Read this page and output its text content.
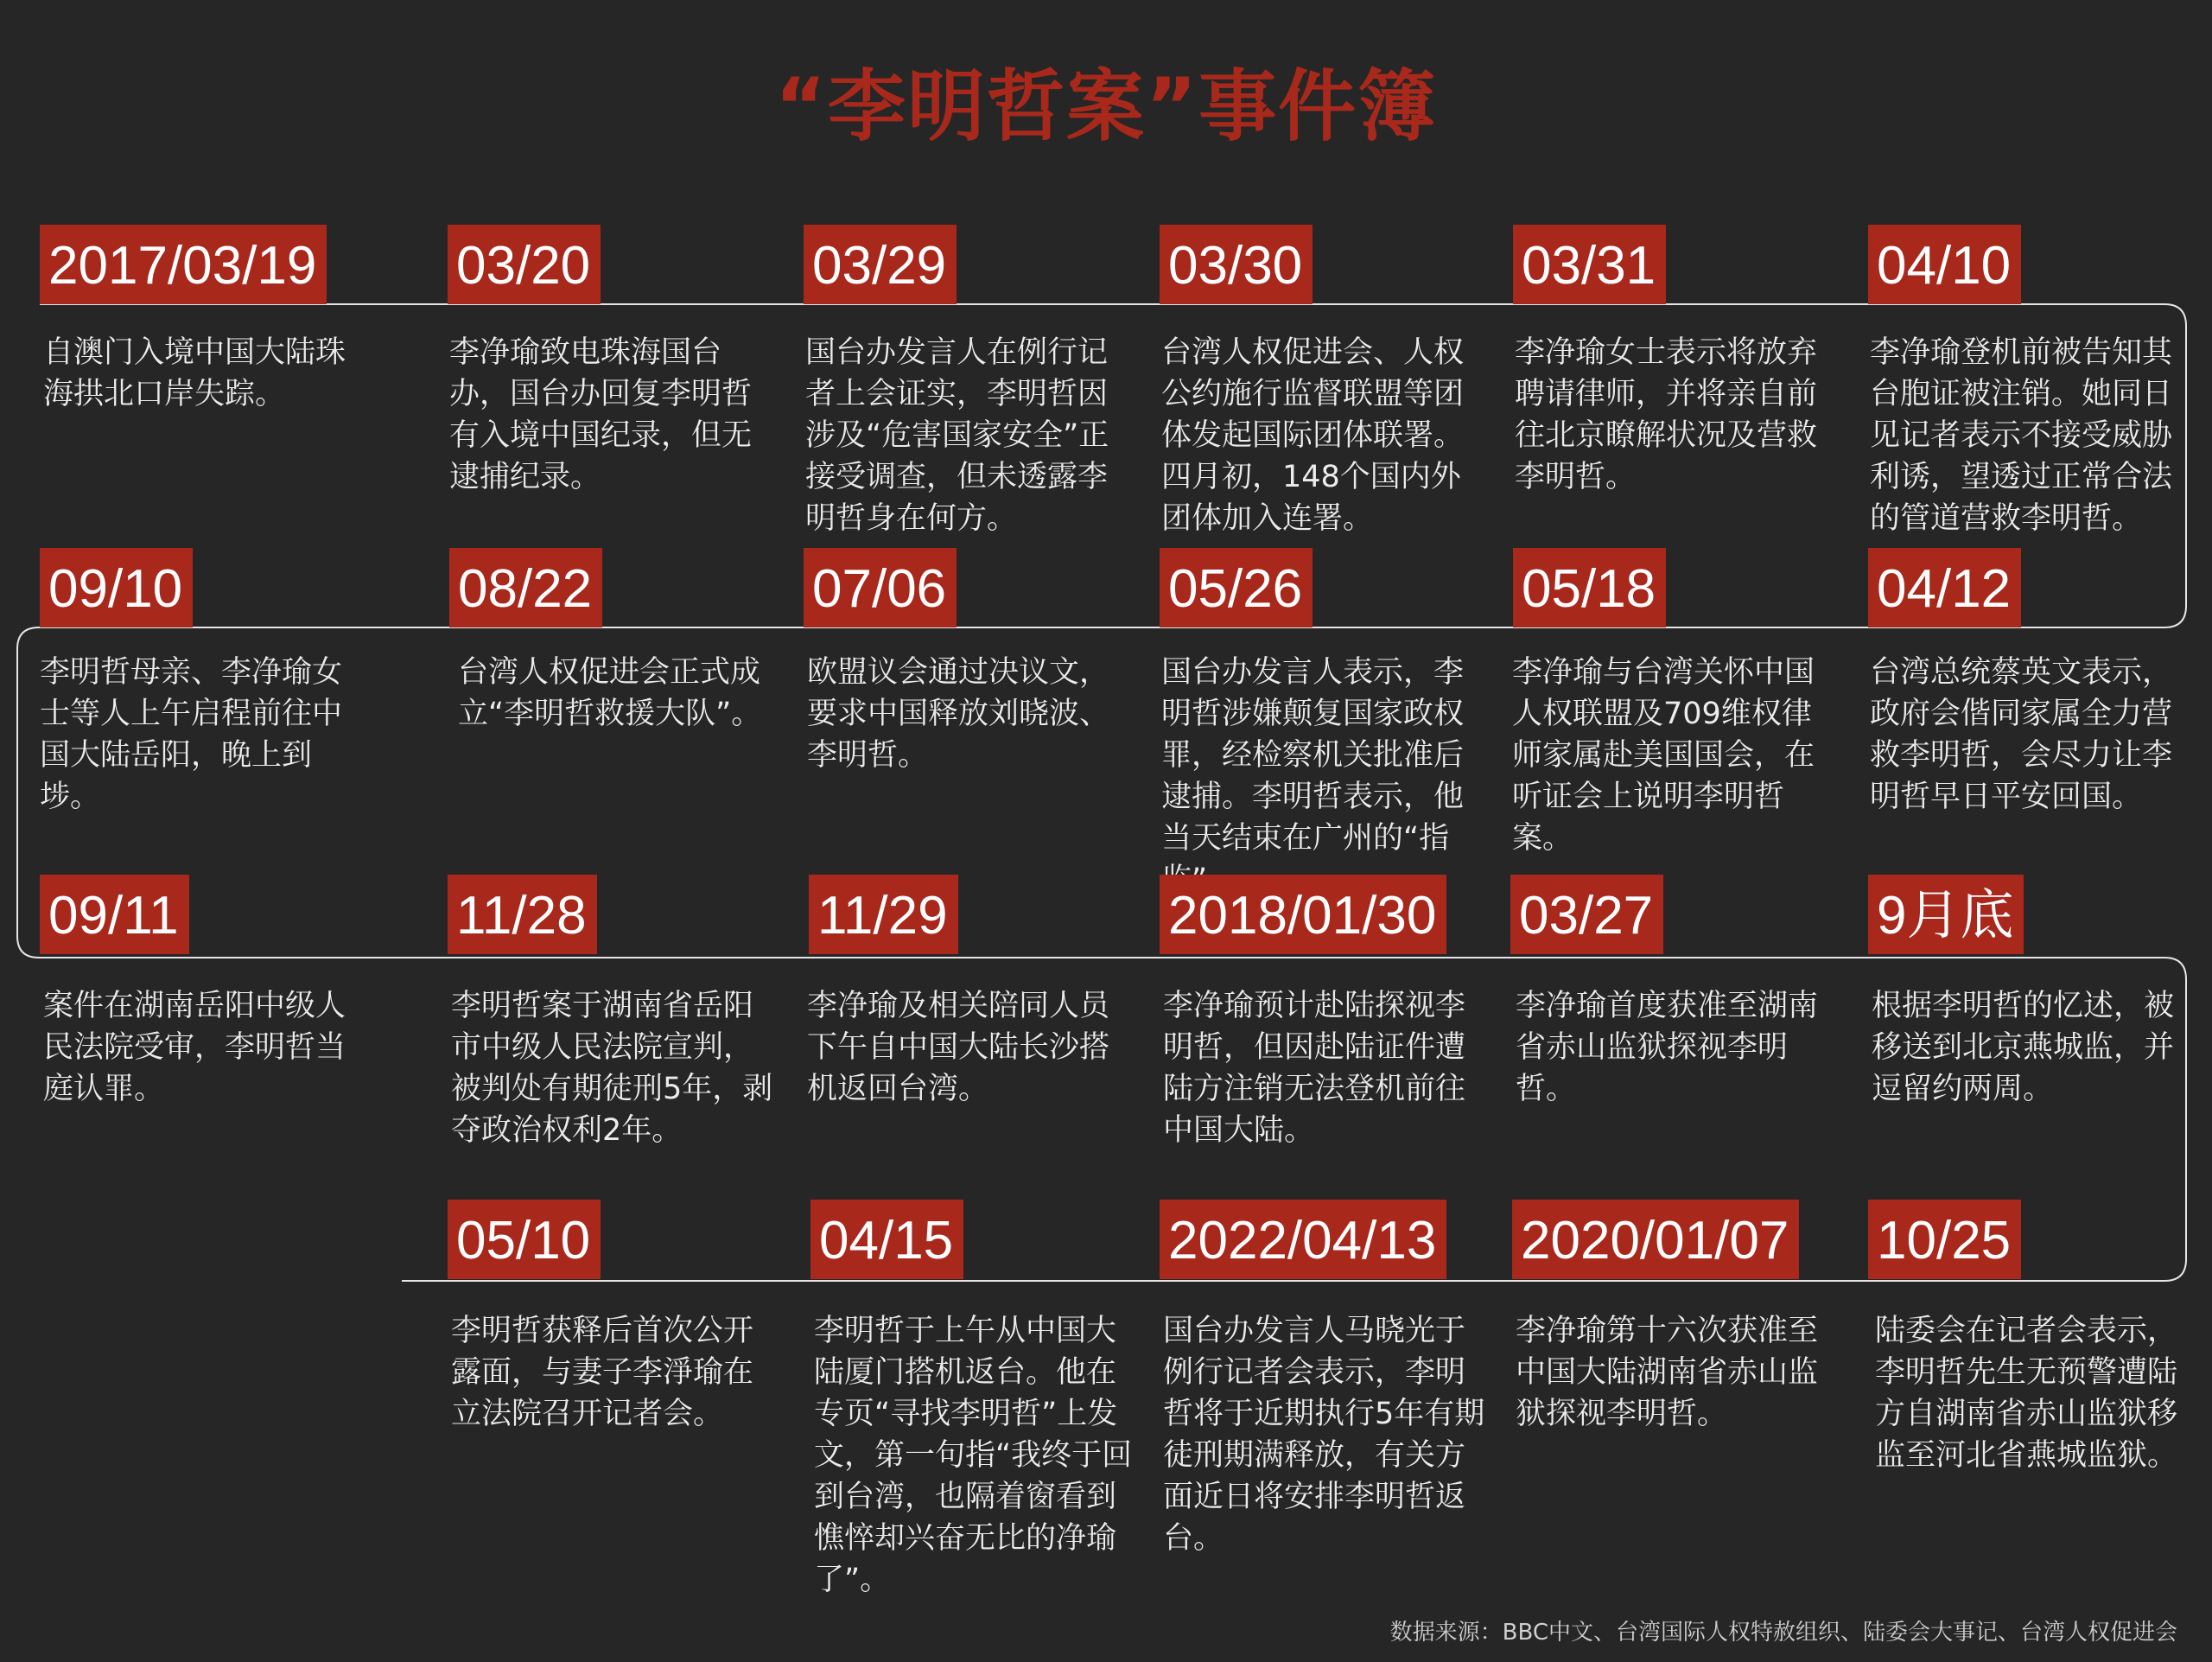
“李明哲案”事件簿
2017/03/19
自澳门入境中国大陆珠海拱北口岸失踪。
03/20
李净瑜致电珠海国台办，国台办回复李明哲有入境中国纪录，但无逮捕纪录。
03/29
国台办发言人在例行记者上会证实，李明哲因涉及“危害国家安全”正接受调查，但未透露李明哲身在何方。
03/30
台湾人权促进会、人权公约施行监督联盟等团体发起国际团体联署。四月初，148个国内外团体加入连署。
03/31
李净瑜女士表示将放弃聘请律师，并将亲自前往北京瞭解状况及营救李明哲。
04/10
李净瑜登机前被告知其台胞证被注销。她同日见记者表示不接受威胁利诱，望透过正常合法的管道营救李明哲。
09/10
李明哲母亲、李净瑜女士等人上午启程前往中国大陆岳阳，晚上到埗。
08/22
台湾人权促进会正式成立“李明哲救援大队”。
07/06
欧盟议会通过决议文，要求中国释放刘晓波、李明哲。
05/26
国台办发言人表示，李明哲涉嫌颠复国家政权罪，经检察机关批准后逮捕。李明哲表示，他当天结束在广州的“指
05/18
李净瑜与台湾关怀中国人权联盟及709维权律师家属赴美国国会，在听证会上说明李明哲案。
04/12
台湾总统蔡英文表示，政府会偕同家属全力营救李明哲，会尽力让李明哲早日平安回国。
09/11
案件在湖南岳阳中级人民法院受审，李明哲当庭认罪。
11/28
李明哲案于湖南省岳阳市中级人民法院宣判，被判处有期徒刑5年，剥夺政治权利2年。
11/29
李净瑜及相关陪同人员下午自中国大陆长沙搭机返回台湾。
2018/01/30
李净瑜预计赴陆探视李明哲，但因赴陆证件遭陆方注销无法登机前往中国大陆。
03/27
李净瑜首度获准至湖南省赤山监狱探视李明哲。
9月底
根据李明哲的忆述，被移送到北京燕城监，并逗留约两周。
05/10
李明哲获释后首次公开露面，与妻子李淨瑜在立法院召开记者会。
04/15
李明哲于上午从中国大陆厦门搭机返台。他在专页“寻找李明哲”上发文，第一句指“我终于回到台湾，也隔着窗看到憔悴却兴奋无比的净瑜了”。
2022/04/13
国台办发言人马晓光于例行记者会表示，李明哲将于近期执行5年有期徒刑期满释放，有关方面近日将安排李明哲返台。
2020/01/07
李净瑜第十六次获准至中国大陆湖南省赤山监狱探视李明哲。
10/25
陆委会在记者会表示，李明哲先生无预警遭陆方自湖南省赤山监狱移监至河北省燕城监狱。
数据来源：BBC中文、台湾国际人权特赦组织、陆委会大事记、台湾人权促进会
